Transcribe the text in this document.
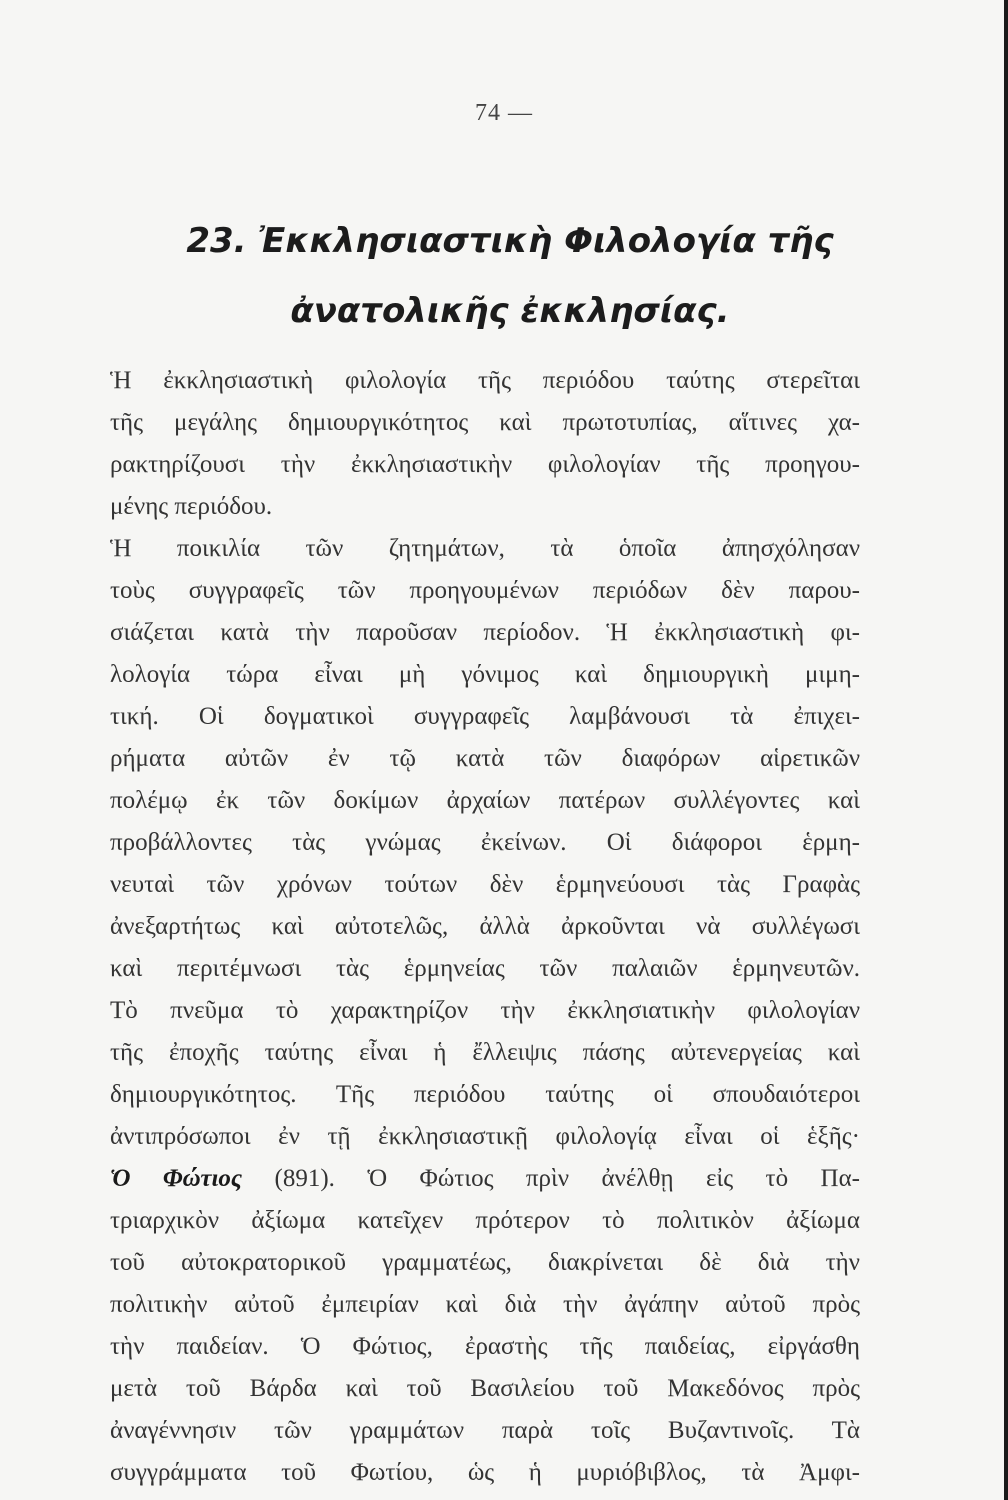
74 —
23. Ἐκκλησιαστικὴ Φιλολογία τῆς
ἀνατολικῆς ἐκκλησίας.
Ἡ ἐκκλησιαστικὴ φιλολογία τῆς περιόδου ταύτης στερεῖται
τῆς μεγάλης δημιουργικότητος καὶ πρωτοτυπίας, αἵτινες χα-
ρακτηρίζουσι τὴν ἐκκλησιαστικὴν φιλολογίαν τῆς προηγου-
μένης περιόδου.
Ἡ ποικιλία τῶν ζητημάτων, τὰ ὁποῖα ἀπησχόλησαν
τοὺς συγγραφεῖς τῶν προηγουμένων περιόδων δὲν παρου-
σιάζεται κατὰ τὴν παροῦσαν περίοδον. Ἡ ἐκκλησιαστικὴ φι-
λολογία τώρα εἶναι μὴ γόνιμος καὶ δημιουργικὴ μιμη-
τική. Οἱ δογματικοὶ συγγραφεῖς λαμβάνουσι τὰ ἐπιχει-
ρήματα αὐτῶν ἐν τῷ κατὰ τῶν διαφόρων αἱρετικῶν
πολέμῳ ἐκ τῶν δοκίμων ἀρχαίων πατέρων συλλέγοντες καὶ
προβάλλοντες τὰς γνώμας ἐκείνων. Οἱ διάφοροι ἑρμη-
νευταὶ τῶν χρόνων τούτων δὲν ἑρμηνεύουσι τὰς Γραφὰς
ἀνεξαρτήτως καὶ αὐτοτελῶς, ἀλλὰ ἀρκοῦνται νὰ συλλέγωσι
καὶ περιτέμνωσι τὰς ἑρμηνείας τῶν παλαιῶν ἑρμηνευτῶν.
Τὸ πνεῦμα τὸ χαρακτηρίζον τὴν ἐκκλησιατικὴν φιλολογίαν
τῆς ἐποχῆς ταύτης εἶναι ἡ ἔλλειψις πάσης αὐτενεργείας καὶ
δημιουργικότητος. Τῆς περιόδου ταύτης οἱ σπουδαιότεροι
ἀντιπρόσωποι ἐν τῇ ἐκκλησιαστικῇ φιλολογίᾳ εἶναι οἱ ἑξῆς·
Ὁ Φώτιος (891). Ὁ Φώτιος πρὶν ἀνέλθῃ εἰς τὸ Πα-
τριαρχικὸν ἀξίωμα κατεῖχεν πρότερον τὸ πολιτικὸν ἀξίωμα
τοῦ αὐτοκρατορικοῦ γραμματέως, διακρίνεται δὲ διὰ τὴν
πολιτικὴν αὐτοῦ ἐμπειρίαν καὶ διὰ τὴν ἀγάπην αὐτοῦ πρὸς
τὴν παιδείαν. Ὁ Φώτιος, ἐραστὴς τῆς παιδείας, εἰργάσθη
μετὰ τοῦ Βάρδα καὶ τοῦ Βασιλείου τοῦ Μακεδόνος πρὸς
ἀναγέννησιν τῶν γραμμάτων παρὰ τοῖς Βυζαντινοῖς. Τὰ
συγγράμματα τοῦ Φωτίου, ὡς ἡ μυριόβιβλος, τὰ Ἀμφι-
